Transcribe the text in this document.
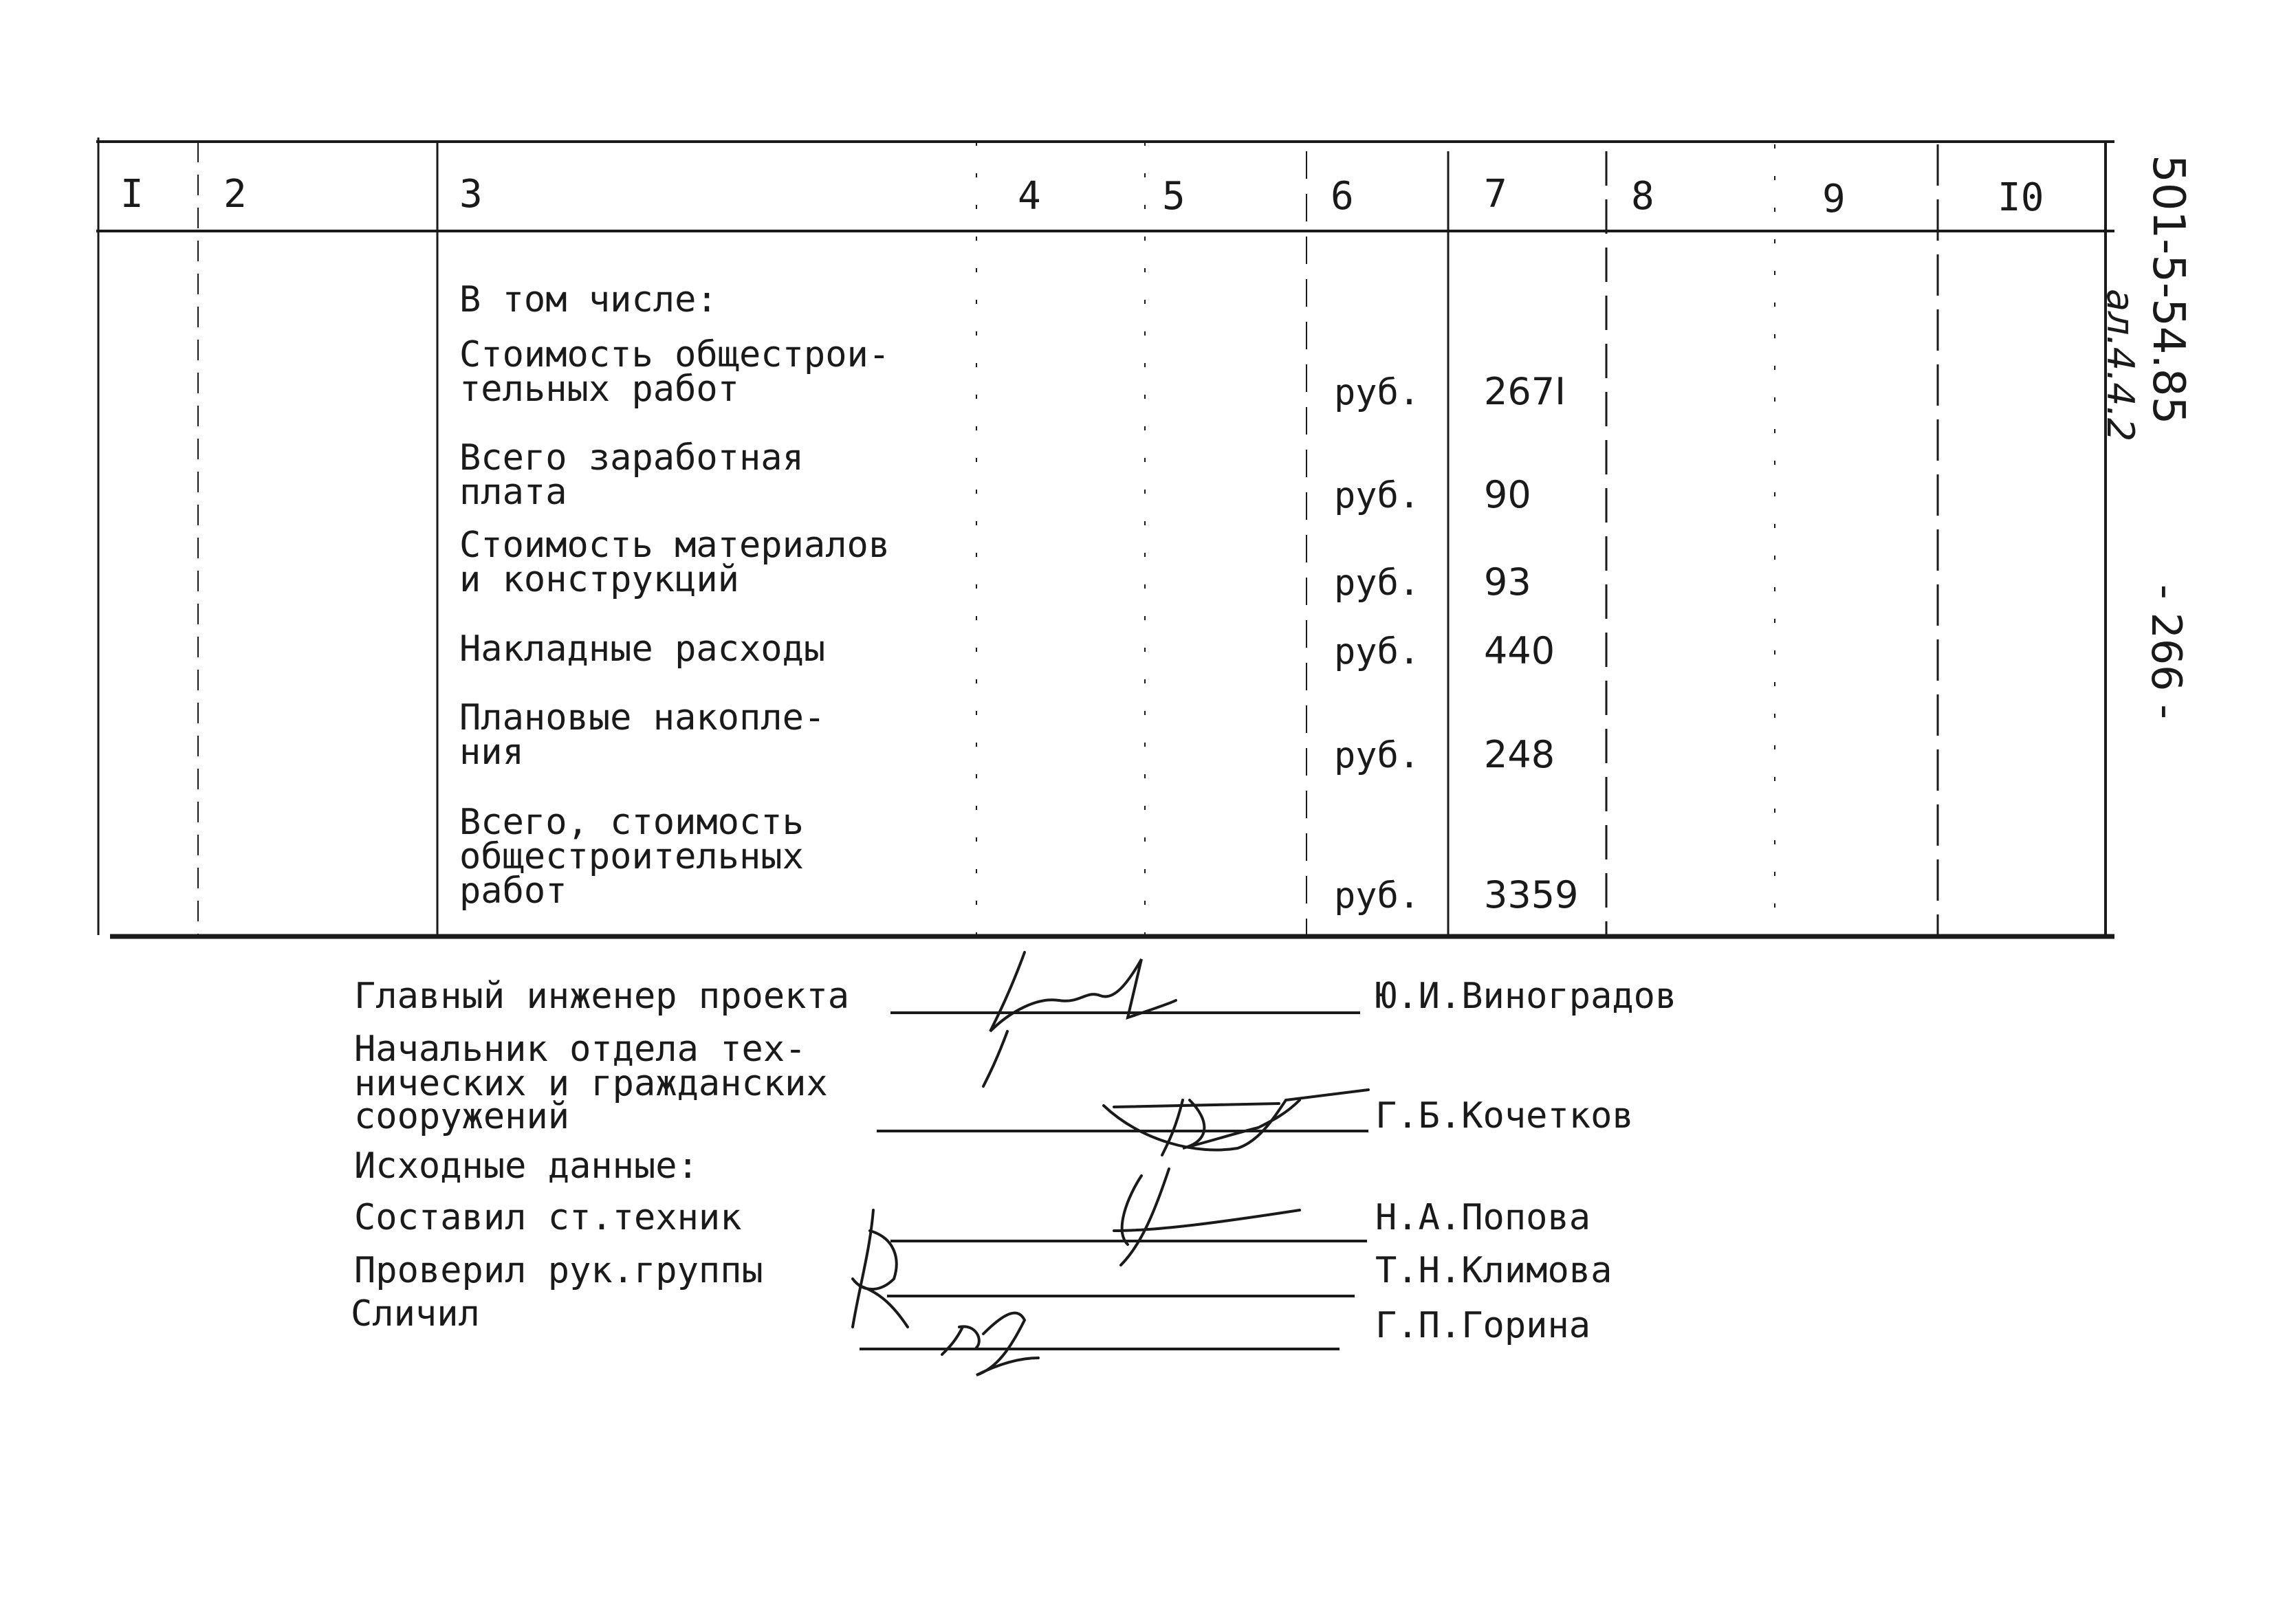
I 2	3	4	5	6	7	8	9	I0
В том числе:
Стоимость общестрои-
тельных работ	руб. 267I
Всего заработная
плата	руб. 90
Стоимость материалов
и конструкций	руб. 93
Накладные расходы	руб. 440
Плановые накопле-
ния	руб. 248
Всего, стоимость
общестроительных
работ	руб. 3359
Главный инженер проекта	Ю.И.Виноградов
Начальник отдела тех-
нических и гражданских
сооружений	Г.Б.Кочетков
Исходные данные:
Составил ст.техник	Н.А.Попова
Проверил рук.группы	Т.Н.Климова
Сличил	Г.П.Горина
501-5-54.85
ал.4.4.2
- 266 -
